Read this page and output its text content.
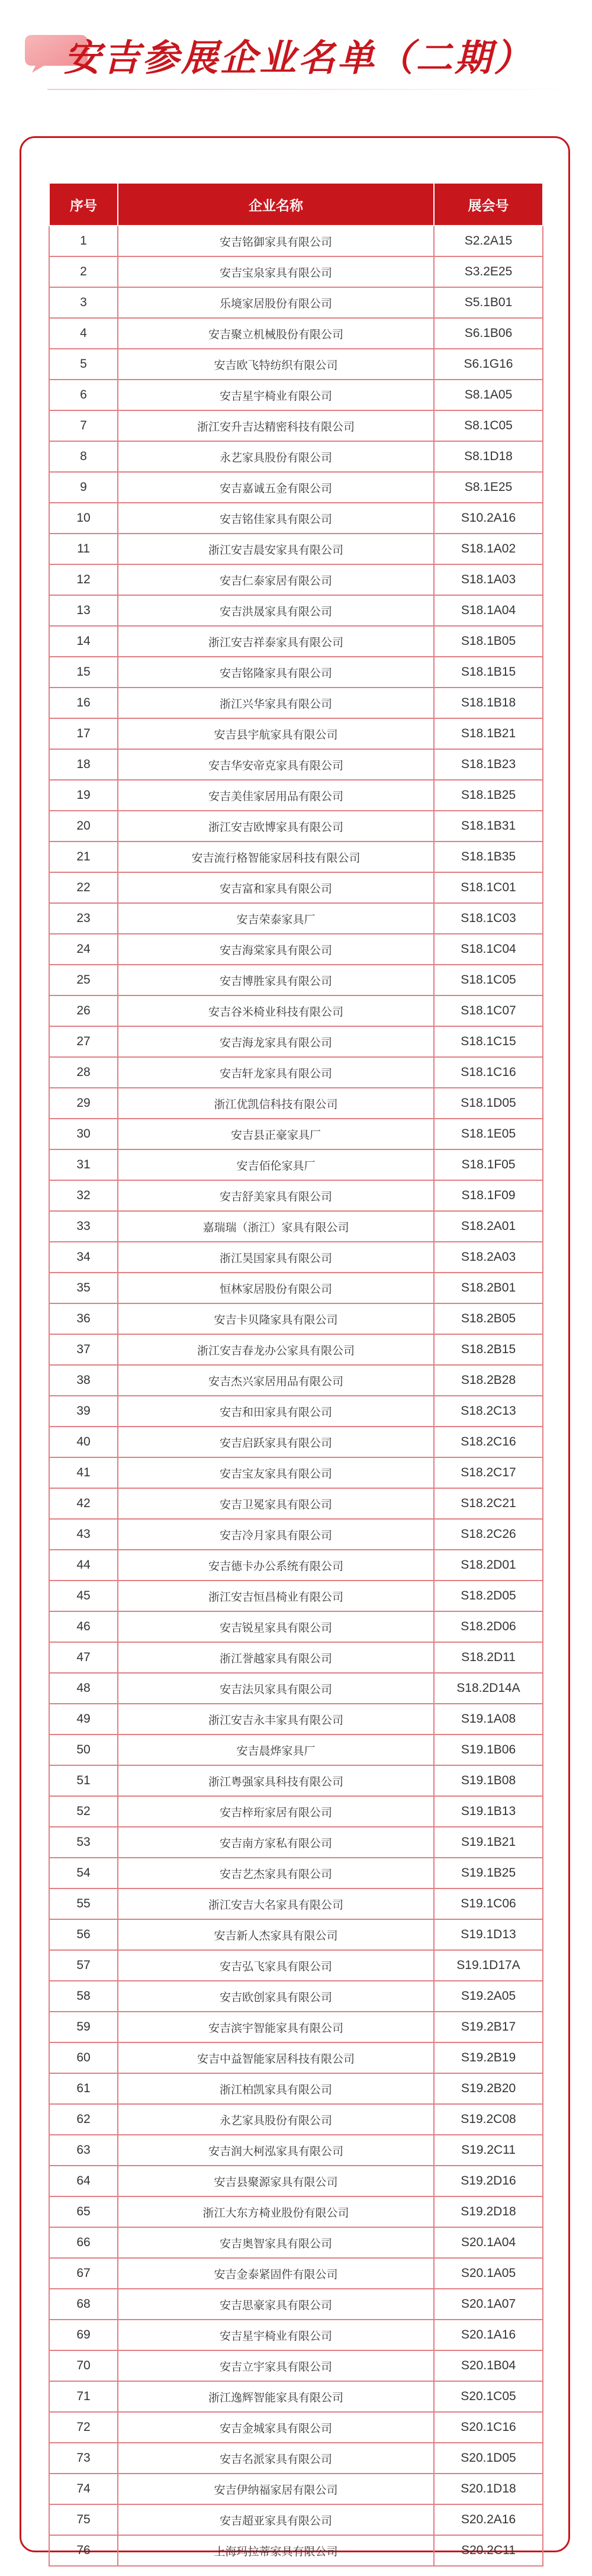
安吉参展企业名单（二期）
序号	企业名称	展会号
1	安吉铭御家具有限公司	S2.2A15
2	安吉宝泉家具有限公司	S3.2E25
3	乐境家居股份有限公司	S5.1B01
4	安吉聚立机械股份有限公司	S6.1B06
5	安吉欧飞特纺织有限公司	S6.1G16
6	安吉星宇椅业有限公司	S8.1A05
7	浙江安升吉达精密科技有限公司	S8.1C05
8	永艺家具股份有限公司	S8.1D18
9	安吉嘉诚五金有限公司	S8.1E25
10	安吉铭佳家具有限公司	S10.2A16
11	浙江安吉晨安家具有限公司	S18.1A02
12	安吉仁泰家居有限公司	S18.1A03
13	安吉洪晟家具有限公司	S18.1A04
14	浙江安吉祥泰家具有限公司	S18.1B05
15	安吉铭隆家具有限公司	S18.1B15
16	浙江兴华家具有限公司	S18.1B18
17	安吉县宇航家具有限公司	S18.1B21
18	安吉华安帝克家具有限公司	S18.1B23
19	安吉美佳家居用品有限公司	S18.1B25
20	浙江安吉欧博家具有限公司	S18.1B31
21	安吉流行格智能家居科技有限公司	S18.1B35
22	安吉富和家具有限公司	S18.1C01
23	安吉荣泰家具厂	S18.1C03
24	安吉海棠家具有限公司	S18.1C04
25	安吉博胜家具有限公司	S18.1C05
26	安吉谷米椅业科技有限公司	S18.1C07
27	安吉海龙家具有限公司	S18.1C15
28	安吉轩龙家具有限公司	S18.1C16
29	浙江优凯信科技有限公司	S18.1D05
30	安吉县正豪家具厂	S18.1E05
31	安吉佰伦家具厂	S18.1F05
32	安吉舒美家具有限公司	S18.1F09
33	嘉瑞瑞（浙江）家具有限公司	S18.2A01
34	浙江昊国家具有限公司	S18.2A03
35	恒林家居股份有限公司	S18.2B01
36	安吉卡贝隆家具有限公司	S18.2B05
37	浙江安吉春龙办公家具有限公司	S18.2B15
38	安吉杰兴家居用品有限公司	S18.2B28
39	安吉和田家具有限公司	S18.2C13
40	安吉启跃家具有限公司	S18.2C16
41	安吉宝友家具有限公司	S18.2C17
42	安吉卫冕家具有限公司	S18.2C21
43	安吉冷月家具有限公司	S18.2C26
44	安吉德卡办公系统有限公司	S18.2D01
45	浙江安吉恒昌椅业有限公司	S18.2D05
46	安吉锐星家具有限公司	S18.2D06
47	浙江誉越家具有限公司	S18.2D11
48	安吉法贝家具有限公司	S18.2D14A
49	浙江安吉永丰家具有限公司	S19.1A08
50	安吉晨烨家具厂	S19.1B06
51	浙江粤强家具科技有限公司	S19.1B08
52	安吉梓珩家居有限公司	S19.1B13
53	安吉南方家私有限公司	S19.1B21
54	安吉艺杰家具有限公司	S19.1B25
55	浙江安吉大名家具有限公司	S19.1C06
56	安吉新人杰家具有限公司	S19.1D13
57	安吉弘飞家具有限公司	S19.1D17A
58	安吉欧创家具有限公司	S19.2A05
59	安吉滨宇智能家具有限公司	S19.2B17
60	安吉中益智能家居科技有限公司	S19.2B19
61	浙江柏凯家具有限公司	S19.2B20
62	永艺家具股份有限公司	S19.2C08
63	安吉润大柯泓家具有限公司	S19.2C11
64	安吉县聚源家具有限公司	S19.2D16
65	浙江大东方椅业股份有限公司	S19.2D18
66	安吉奥智家具有限公司	S20.1A04
67	安吉金泰紧固件有限公司	S20.1A05
68	安吉思豪家具有限公司	S20.1A07
69	安吉星宇椅业有限公司	S20.1A16
70	安吉立宇家具有限公司	S20.1B04
71	浙江逸辉智能家具有限公司	S20.1C05
72	安吉金城家具有限公司	S20.1C16
73	安吉名派家具有限公司	S20.1D05
74	安吉伊纳福家居有限公司	S20.1D18
75	安吉超亚家具有限公司	S20.2A16
76	上海玛拉蒂家具有限公司	S20.2C11
